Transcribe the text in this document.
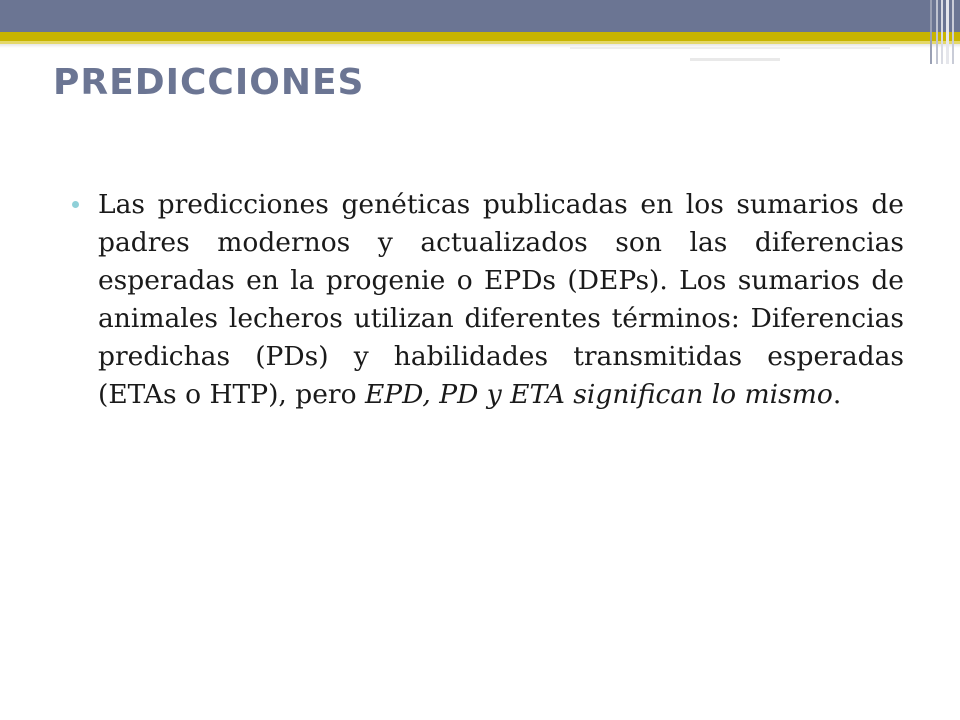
PREDICCIONES
Las predicciones genéticas publicadas en los sumarios de padres modernos y actualizados son las diferencias esperadas en la progenie o EPDs (DEPs). Los sumarios de animales lecheros utilizan diferentes términos: Diferencias predichas (PDs) y habilidades transmitidas esperadas (ETAs o HTP), pero EPD, PD y ETA significan lo mismo.
